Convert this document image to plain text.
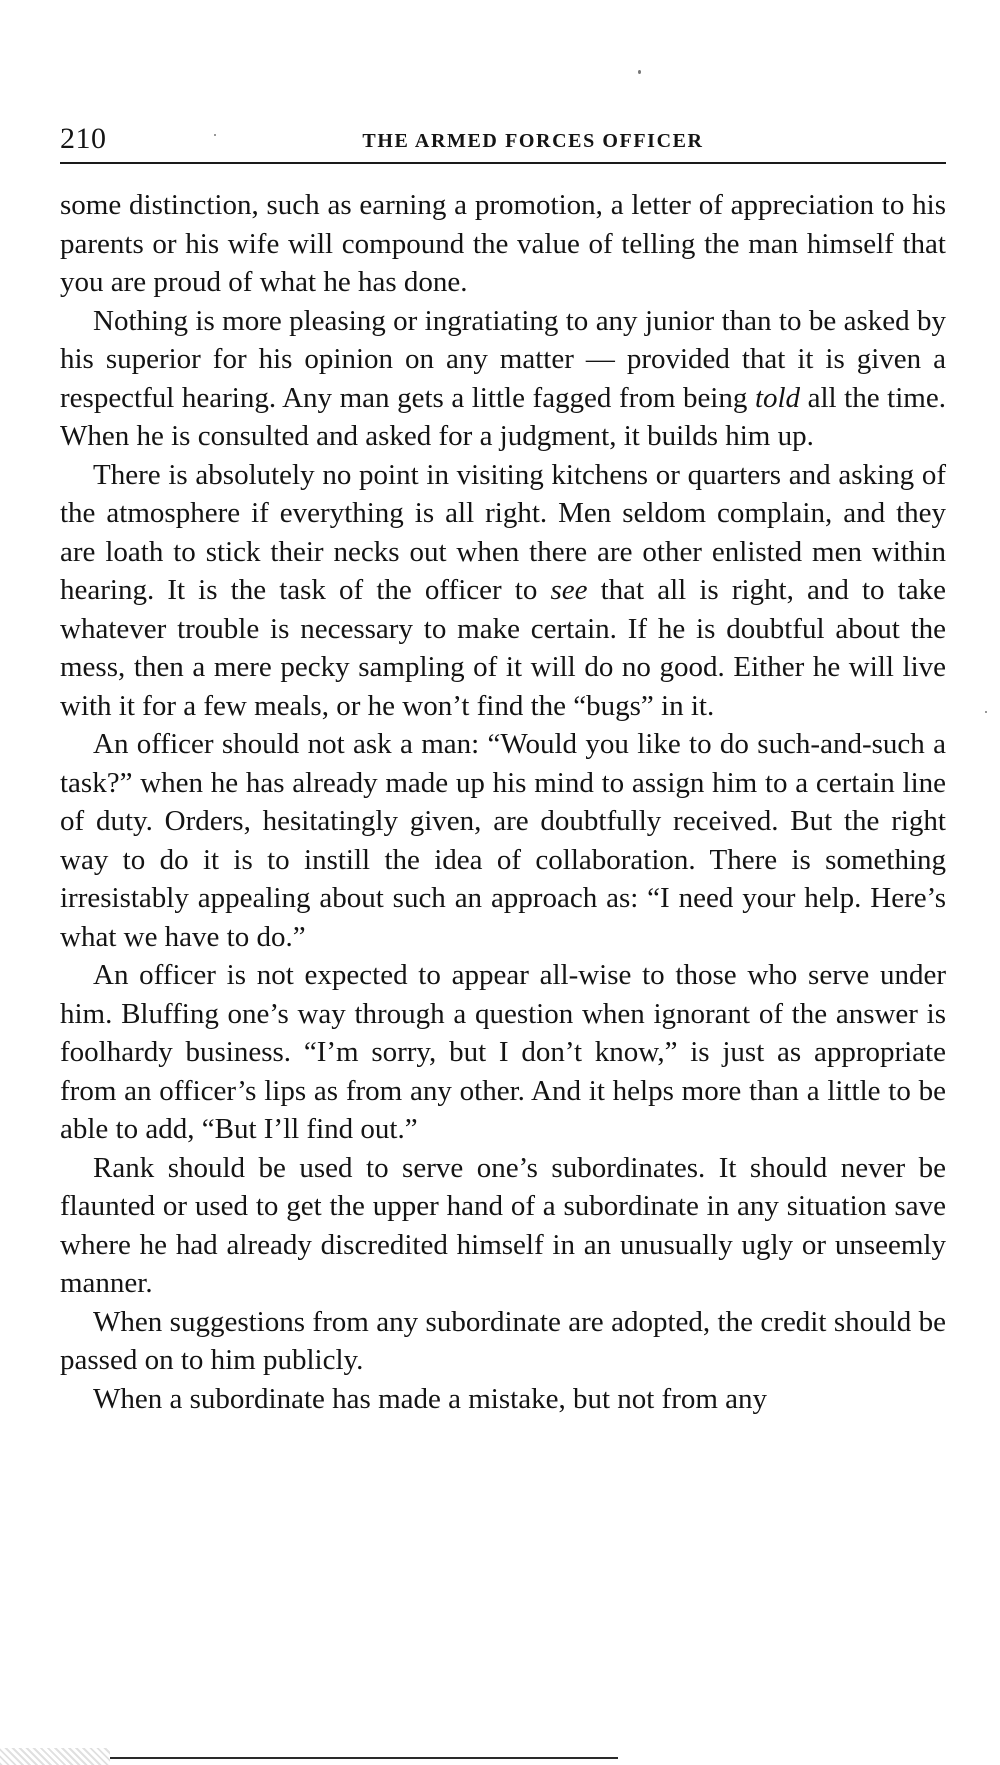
210	THE ARMED FORCES OFFICER

some distinction, such as earning a promotion, a letter of appreciation to his parents or his wife will compound the value of telling the man himself that you are proud of what he has done.

Nothing is more pleasing or ingratiating to any junior than to be asked by his superior for his opinion on any matter — provided that it is given a respectful hearing. Any man gets a little fagged from being told all the time. When he is consulted and asked for a judgment, it builds him up.

There is absolutely no point in visiting kitchens or quarters and asking of the atmosphere if everything is all right. Men seldom complain, and they are loath to stick their necks out when there are other enlisted men within hearing. It is the task of the officer to see that all is right, and to take whatever trouble is necessary to make certain. If he is doubtful about the mess, then a mere pecky sampling of it will do no good. Either he will live with it for a few meals, or he won’t find the “bugs” in it.

An officer should not ask a man: “Would you like to do such-and-such a task?” when he has already made up his mind to assign him to a certain line of duty. Orders, hesitatingly given, are doubtfully received. But the right way to do it is to instill the idea of collaboration. There is something irresistably appealing about such an approach as: “I need your help. Here’s what we have to do.”

An officer is not expected to appear all-wise to those who serve under him. Bluffing one’s way through a question when ignorant of the answer is foolhardy business. “I’m sorry, but I don’t know,” is just as appropriate from an officer’s lips as from any other. And it helps more than a little to be able to add, “But I’ll find out.”

Rank should be used to serve one’s subordinates. It should never be flaunted or used to get the upper hand of a subordinate in any situation save where he had already discredited himself in an unusually ugly or unseemly manner.

When suggestions from any subordinate are adopted, the credit should be passed on to him publicly.

When a subordinate has made a mistake, but not from any
